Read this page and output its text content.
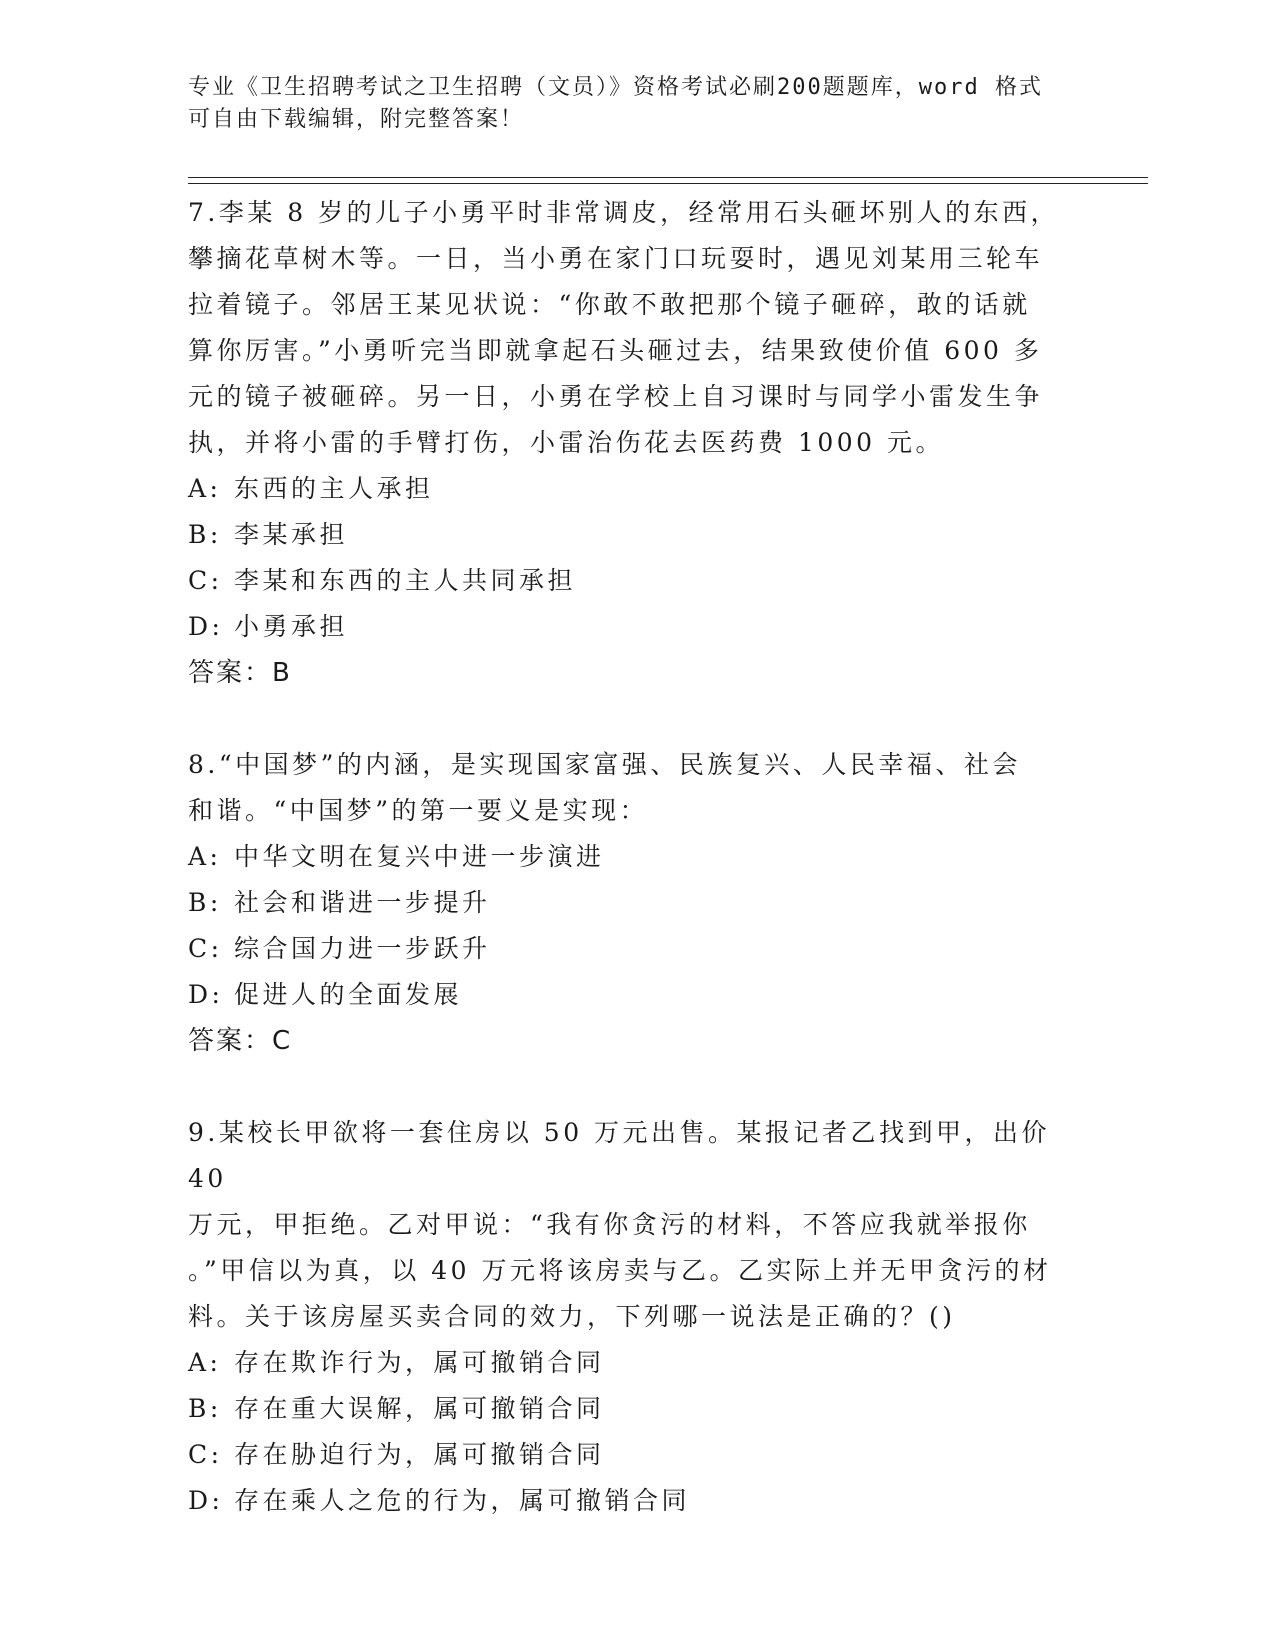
专业《卫生招聘考试之卫生招聘（文员）》资格考试必刷200题题库，word 格式
可自由下载编辑，附完整答案！
7.李某 8 岁的儿子小勇平时非常调皮，经常用石头砸坏别人的东西，
攀摘花草树木等。一日，当小勇在家门口玩耍时，遇见刘某用三轮车
拉着镜子。邻居王某见状说：“你敢不敢把那个镜子砸碎，敢的话就
算你厉害。”小勇听完当即就拿起石头砸过去，结果致使价值 600 多
元的镜子被砸碎。另一日，小勇在学校上自习课时与同学小雷发生争
执，并将小雷的手臂打伤，小雷治伤花去医药费 1000 元。
A: 东西的主人承担
B: 李某承担
C: 李某和东西的主人共同承担
D: 小勇承担
答案：B
8.“中国梦”的内涵，是实现国家富强、民族复兴、人民幸福、社会
和谐。“中国梦”的第一要义是实现：
A: 中华文明在复兴中进一步演进
B: 社会和谐进一步提升
C: 综合国力进一步跃升
D: 促进人的全面发展
答案：C
9.某校长甲欲将一套住房以 50 万元出售。某报记者乙找到甲，出价 40
万元，甲拒绝。乙对甲说：“我有你贪污的材料，不答应我就举报你
。”甲信以为真，以 40 万元将该房卖与乙。乙实际上并无甲贪污的材
料。关于该房屋买卖合同的效力，下列哪一说法是正确的？()
A: 存在欺诈行为，属可撤销合同
B: 存在重大误解，属可撤销合同
C: 存在胁迫行为，属可撤销合同
D: 存在乘人之危的行为，属可撤销合同
